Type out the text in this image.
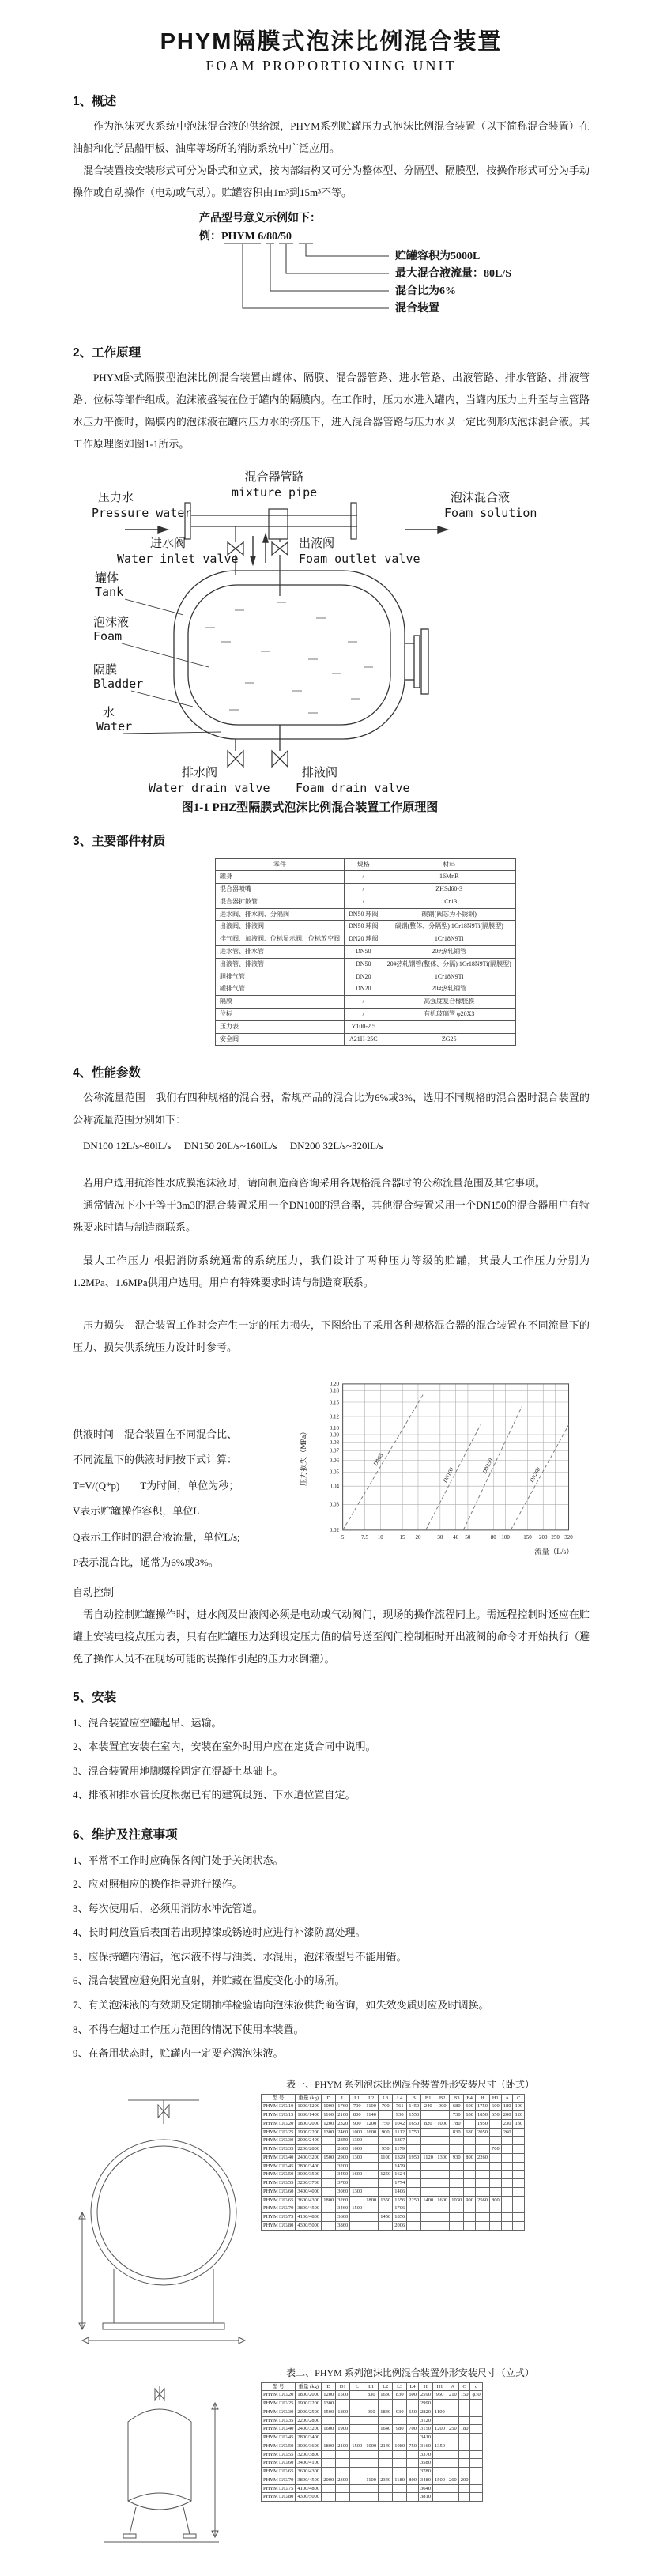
PHYM隔膜式泡沫比例混合装置
FOAM PROPORTIONING UNIT
1、概述

作为泡沫灭火系统中泡沫混合液的供给源，PHYM系列贮罐压力式泡沫比例混合装置（以下简称混合装置）在油船和化学品船甲板、油库等场所的消防系统中广泛应用。

混合装置按安装形式可分为卧式和立式，按内部结构又可分为整体型、分隔型、隔膜型，按操作形式可分为手动操作或自动操作（电动或气动）。贮罐容积由1m³到15m³不等。

产品型号意义示例如下：
例：PHYM 6/80/50
贮罐容积为5000L
最大混合液流量：80L/S
混合比为6%
混合装置
2、工作原理

PHYM卧式隔膜型泡沫比例混合装置由罐体、隔膜、混合器管路、进水管路、出液管路、排水管路、排液管路、位标等部件组成。泡沫液盛装在位于罐内的隔膜内。在工作时，压力水进入罐内，当罐内压力上升至与主管路水压力平衡时，隔膜内的泡沫液在罐内压力水的挤压下，进入混合器管路与压力水以一定比例形成泡沫混合液。其工作原理图如图1-1所示。

混合器管路
mixture pipe
压力水
Pressure water
泡沫混合液
Foam solution
进水阀
Water inlet valve
出液阀
Foam outlet valve
罐体
Tank
泡沫液
Foam
隔膜
Bladder
水
Water
排水阀
Water drain valve
排液阀
Foam drain valve
图1-1 PHZ型隔膜式泡沫比例混合装置工作原理图
3、主要部件材质
零件	规格	材料
罐身	/	16MnR
混合器喷嘴	/	ZHSd60-3
混合器扩散管	/	1Cr13
进水阀、排水阀、分隔阀	DN50 球阀	碳钢(阀芯为不锈钢)
出液阀、排液阀	DN50 球阀	碳钢(整体、分隔型) 1Cr18N9Ti(隔膜型)
排气阀、加液阀、位标显示阀、位标放空阀	DN20 球阀	1Cr18N9Ti
进水管、排水管	DN50	20#热轧钢管
出液管、排液管	DN50	20#热轧钢管(整体、分隔) 1Cr18N9Ti(隔膜型)
胆排气管	DN20	1Cr18N9Ti
罐排气管	DN20	20#热轧钢管
隔膜	/	高强度复合橡胶膜
位标	/	有机玻璃管 φ20X3
压力表	Y100-2.5	
安全阀	A21H-25C	ZG25
4、性能参数

公称流量范围　我们有四种规格的混合器，常规产品的混合比为6%或3%，选用不同规格的混合器时混合装置的公称流量范围分别如下：

DN100 12L/s~80lL/s　 DN150 20L/s~160lL/s　 DN200 32L/s~320lL/s

若用户选用抗溶性水成膜泡沫液时，请向制造商咨询采用各规格混合器时的公称流量范围及其它事项。

通常情况下小于等于3m3的混合装置采用一个DN100的混合器，其他混合装置采用一个DN150的混合器用户有特殊要求时请与制造商联系。

最大工作压力 根据消防系统通常的系统压力，我们设计了两种压力等级的贮罐，其最大工作压力分别为1.2MPa、1.6MPa供用户选用。用户有特殊要求时请与制造商联系。

压力损失　混合装置工作时会产生一定的压力损失，下图给出了采用各种规格混合器的混合装置在不同流量下的压力、损失供系统压力设计时参考。

供液时间　混合装置在不同混合比、
不同流量下的供液时间按下式计算：
T=V/(Q*p)　　T为时间，单位为秒；
V表示贮罐操作容积，单位L
Q表示工作时的混合液流量，单位L/s;
P表示混合比，通常为6%或3%。
5	7.5 10	15 20	30 40 50	80 100 150 200 250 320
0.02
0.03
0.04
0.05
0.06
0.07
0.08
0.09
0.10
0.12
0.15
0.18
0.20
DN65
DN100
DN150
DN200
压力损失（MPa）
流量（L/s）

自动控制

需自动控制贮罐操作时，进水阀及出液阀必须是电动或气动阀门，现场的操作流程同上。需远程控制时还应在贮罐上安装电接点压力表，只有在贮罐压力达到设定压力值的信号送至阀门控制柜时开出液阀的命令才开始执行（避免了操作人员不在现场可能的误操作引起的压力水倒灌）。

5、安装
1、混合装置应空罐起吊、运输。
2、本装置宜安装在室内，安装在室外时用户应在定货合同中说明。
3、混合装置用地脚螺栓固定在混凝土基础上。
4、排液和排水管长度根据已有的建筑设施、下水道位置自定。
6、维护及注意事项
1、平常不工作时应确保各阀门处于关闭状态。
2、应对照相应的操作指导进行操作。
3、每次使用后，必须用消防水冲洗管道。
4、长时间放置后表面若出现掉漆或锈迹时应进行补漆防腐处理。
5、应保持罐内清洁，泡沫液不得与油类、水混用，泡沫液型号不能用错。
6、混合装置应避免阳光直射，并贮藏在温度变化小的场所。
7、有关泡沫液的有效期及定期抽样检验请向泡沫液供货商咨询，如失效变质则应及时调换。
8、不得在超过工作压力范围的情况下使用本装置。
9、在备用状态时，贮罐内一定要充满泡沫液。
表一、PHYM 系列泡沫比例混合装置外形安装尺寸（卧式）
型 号	重量 (kg)	D	L	L1	L2	L3	L4	B	B1	B2	B3	B4	H	H1	A	C
PHYM □/□/10	1000/1200	1000	1760	700	1100	700	761	1450	240	900	680	600	1750	600	180	100
PHYM □/□/15	1600/1400	1100	2100	800	1140		930	1550			730	650	1850	650	200	120
PHYM □/□/20	1800/2000	1200	2320	900	1200	750	1042	1650	820	1000	780		1950		230	130
PHYM □/□/25	1900/2200	1300	2460	1000	1600	900	1112	1750			830	680	2050		260	
PHYM □/□/30	2000/2400		2850	1300			1307									
PHYM □/□/35	2200/2800		2600	1000		950	1179							700		
PHYM □/□/40	2400/3200	1500	2900	1300		1100	1329	1950	1120	1300	930	800	2260			
PHYM □/□/45	2800/3400		3200				1479									
PHYM □/□/50	3000/3500		3490	1600		1250	1624									
PHYM □/□/55	3200/3700		3700				1774									
PHYM □/□/60	3400/4000		3060	1300			1406									
PHYM □/□/65	3600/4300	1800	3260		1800	1350	1556	2250	1400	1600	1030	900	2560	800		
PHYM □/□/70	3800/4500		3460	1500			1706									
PHYM □/□/75	4100/4800		3660			1450	1856									
PHYM □/□/80	4300/5000		3860				2006									
表二、PHYM 系列泡沫比例混合装置外形安装尺寸（立式）
型 号	重量 (kg)	D	D1	L	L1	L2	L3	L4	H	H1	A	C	d
PHYM □/□/20	1800/2000	1200	1500		830	1630	830	600	2590	950	210	150	φ30
PHYM □/□/25	1900/2200	1300							2990				
PHYM □/□/30	2000/2500	1500	1800		950	1840	930	650	2820	1100			
PHYM □/□/35	2200/2800								3120				
PHYM □/□/40	2400/3200	1600	1900			1640	980	700	3150	1200	250	180	
PHYM □/□/45	2800/3400								3410				
PHYM □/□/50	3000/3600	1800	2100	1500	1000	2140	1080	750	3160	1350			
PHYM □/□/55	3200/3800								3370				
PHYM □/□/60	3400/4100								3580				
PHYM □/□/65	3600/4300								3780				
PHYM □/□/70	3800/4500	2000	2300		1100	2340	1180	800	3480	1500	260	200	
PHYM □/□/75	4100/4800								3640				
PHYM □/□/80	4300/5000								3810				
